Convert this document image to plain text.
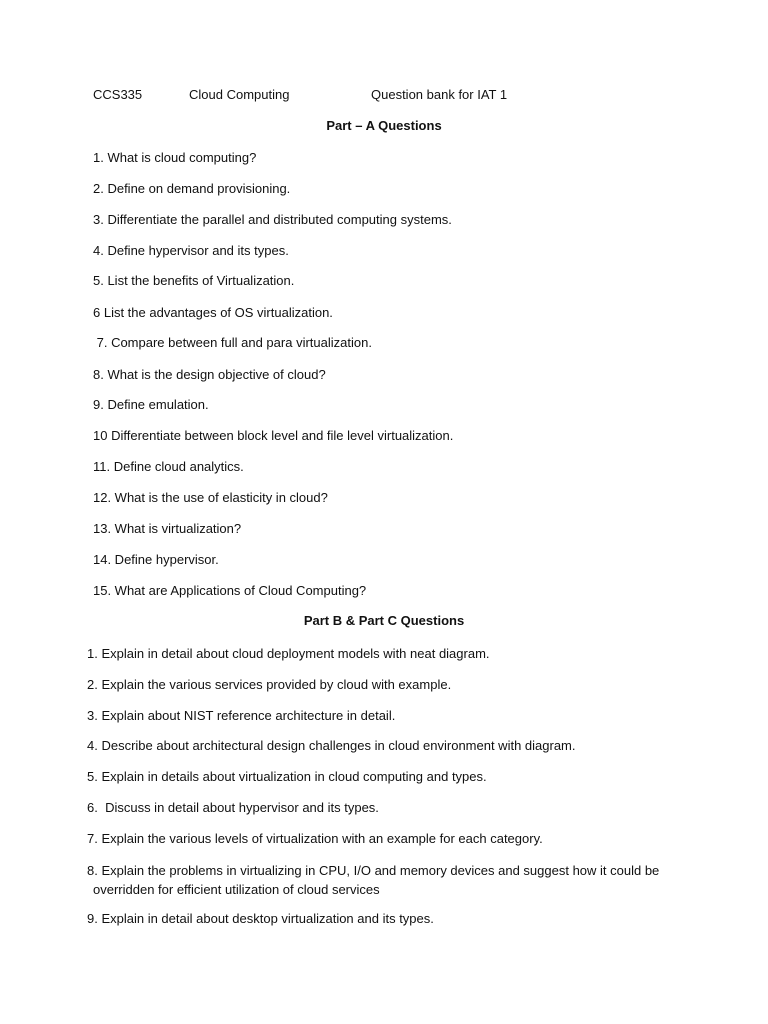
CCS335	Cloud Computing	Question bank for IAT 1
Part – A Questions
1. What is cloud computing?
2. Define on demand provisioning.
3. Differentiate the parallel and distributed computing systems.
4. Define hypervisor and its types.
5. List the benefits of Virtualization.
6 List the advantages of OS virtualization.
7. Compare between full and para virtualization.
8. What is the design objective of cloud?
9. Define emulation.
10 Differentiate between block level and file level virtualization.
11. Define cloud analytics.
12. What is the use of elasticity in cloud?
13. What is virtualization?
14. Define hypervisor.
15. What are Applications of Cloud Computing?
Part B & Part C Questions
1. Explain in detail about cloud deployment models with neat diagram.
2. Explain the various services provided by cloud with example.
3. Explain about NIST reference architecture in detail.
4. Describe about architectural design challenges in cloud environment with diagram.
5. Explain in details about virtualization in cloud computing and types.
6.  Discuss in detail about hypervisor and its types.
7. Explain the various levels of virtualization with an example for each category.
8. Explain the problems in virtualizing in CPU, I/O and memory devices and suggest how it could be overridden for efficient utilization of cloud services
9. Explain in detail about desktop virtualization and its types.
